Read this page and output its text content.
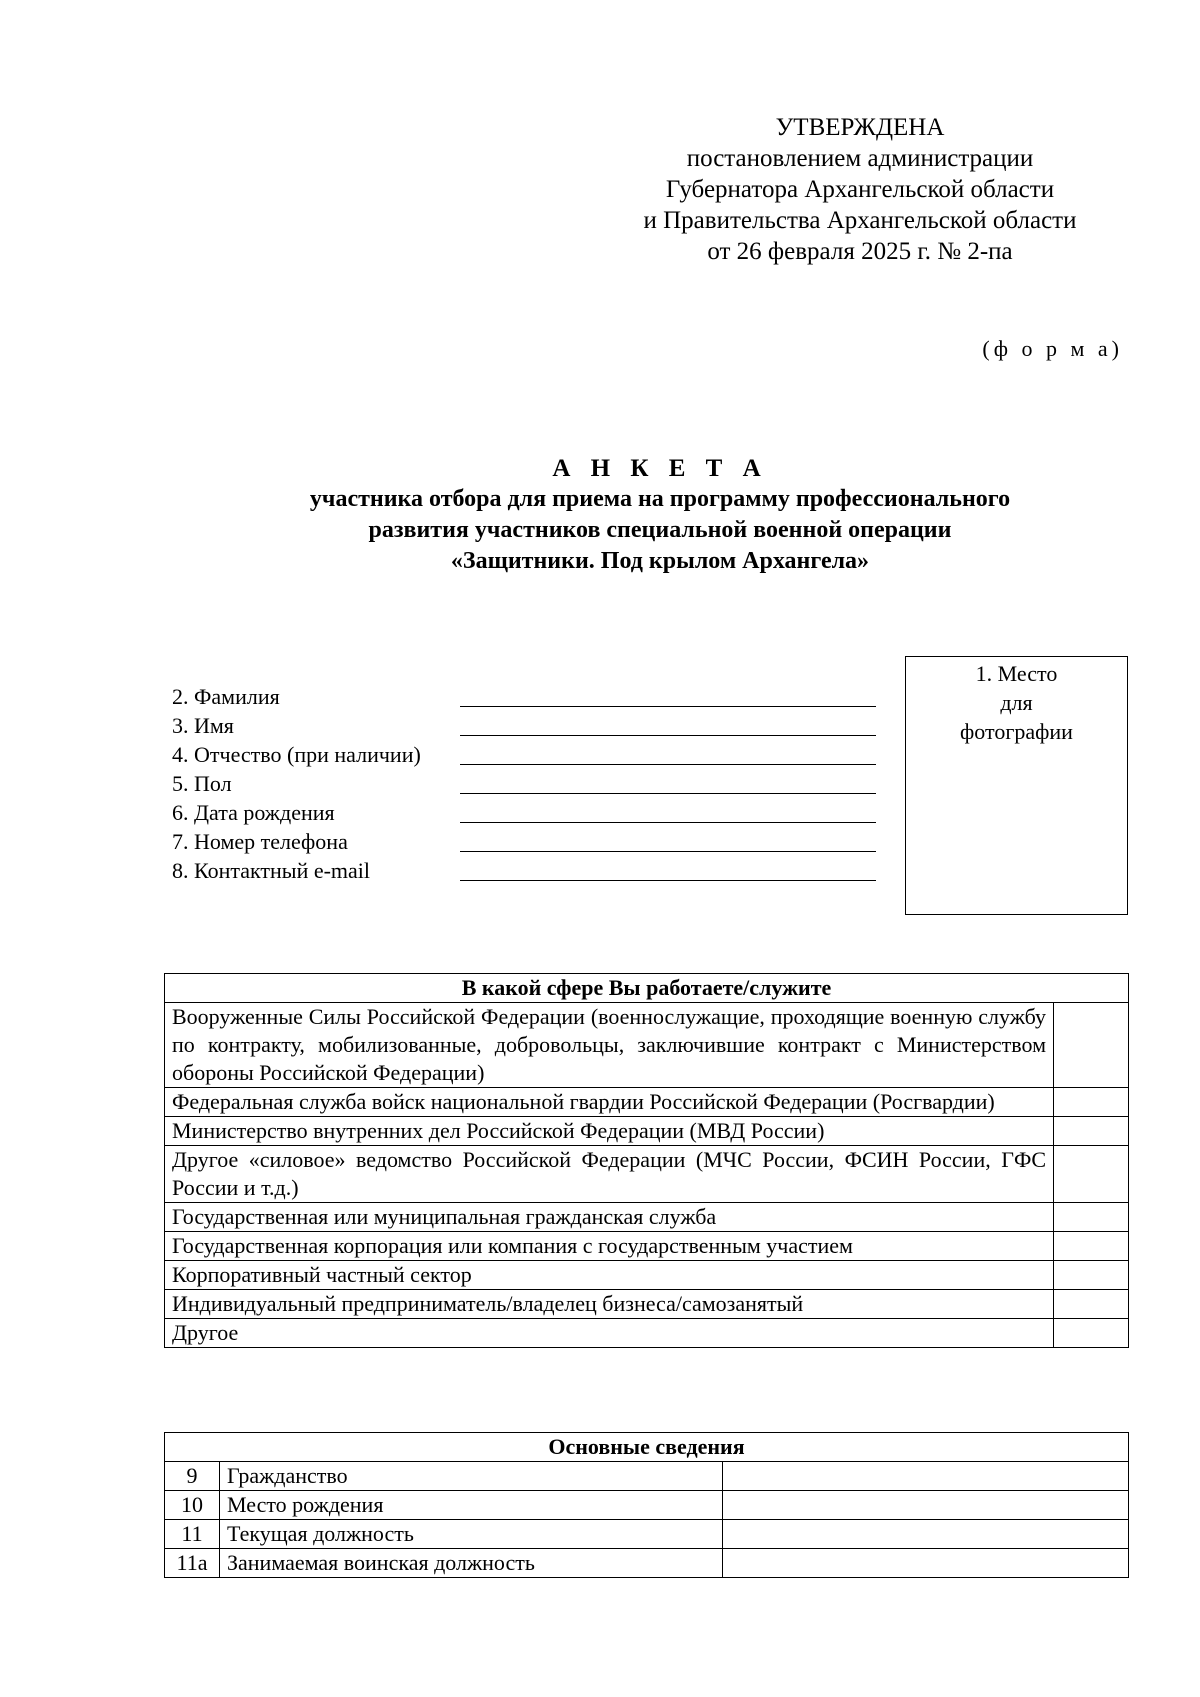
УТВЕРЖДЕНА
постановлением администрации
Губернатора Архангельской области
и Правительства Архангельской области
от 26 февраля 2025 г. № 2-па
(ф о р м а)
А Н К Е Т А
участника отбора для приема на программу профессионального
развития участников специальной военной операции
«Защитники. Под крылом Архангела»
2. Фамилия
3. Имя
4. Отчество (при наличии)
5. Пол
6. Дата рождения
7. Номер телефона
8. Контактный e-mail
1. Место
для
фотографии
В какой сфере Вы работаете/служите	
Вооруженные Силы Российской Федерации (военнослужащие, проходящие военную службу по контракту, мобилизованные, добровольцы, заключившие контракт с Министерством обороны Российской Федерации)	
Федеральная служба войск национальной гвардии Российской Федерации (Росгвардии)	
Министерство внутренних дел Российской Федерации (МВД России)	
Другое «силовое» ведомство Российской Федерации (МЧС России, ФСИН России, ГФС России и т.д.)	
Государственная или муниципальная гражданская служба	
Государственная корпорация или компания с государственным участием	
Корпоративный частный сектор	
Индивидуальный предприниматель/владелец бизнеса/самозанятый	
Другое	
Основные сведения		
9	Гражданство	
10	Место рождения	
11	Текущая должность	
11а	Занимаемая воинская должность	
